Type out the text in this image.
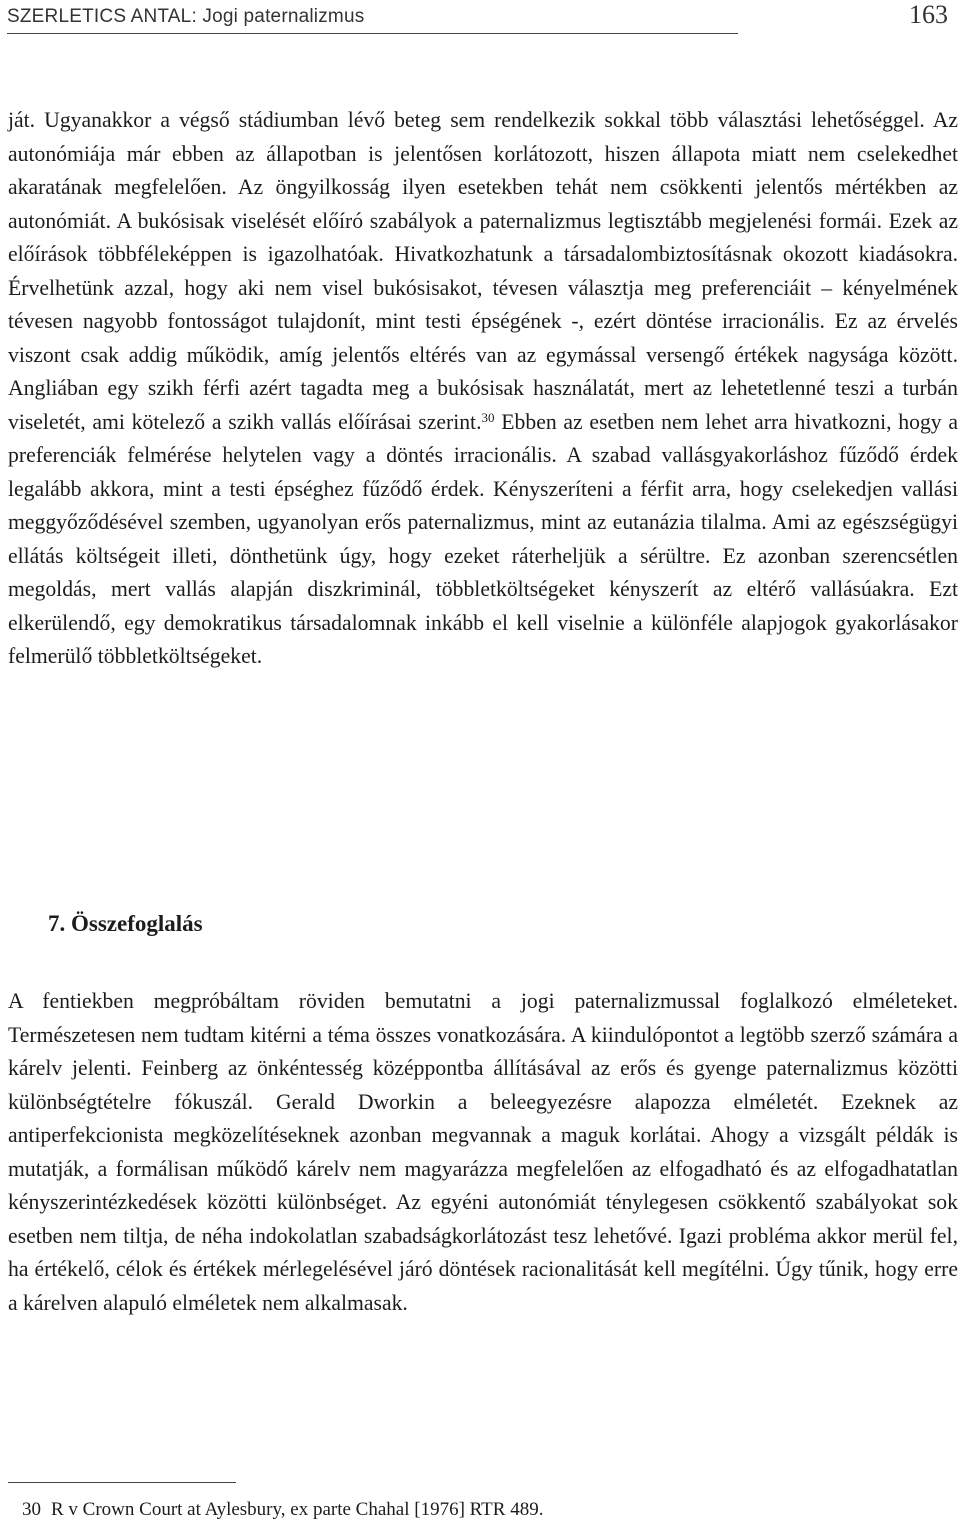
SZERLETICS ANTAL: Jogi paternalizmus	163

ját. Ugyanakkor a végső stádiumban lévő beteg sem rendelkezik sokkal több választási lehetőséggel. Az autonómiája már ebben az állapotban is jelentősen korlátozott, hiszen állapota miatt nem cselekedhet akaratának megfelelően. Az öngyilkosság ilyen esetekben tehát nem csökkenti jelentős mértékben az autonómiát. A bukósisak viselését előíró szabályok a paternalizmus legtisztább megjelenési formái. Ezek az előírások többféleképpen is igazolhatóak. Hivatkozhatunk a társadalombiztosításnak okozott kiadásokra. Érvelhetünk azzal, hogy aki nem visel bukósisakot, tévesen választja meg preferenciáit – kényelmének tévesen nagyobb fontosságot tulajdonít, mint testi épségének -, ezért döntése irracionális. Ez az érvelés viszont csak addig működik, amíg jelentős eltérés van az egymással versengő értékek nagysága között. Angliában egy szikh férfi azért tagadta meg a bukósisak használatát, mert az lehetetlenné teszi a turbán viseletét, ami kötelező a szikh vallás előírásai szerint.$^{30}$ Ebben az esetben nem lehet arra hivatkozni, hogy a preferenciák felmérése helytelen vagy a döntés irracionális. A szabad vallásgyakorláshoz fűződő érdek legalább akkora, mint a testi épséghez fűződő érdek. Kényszeríteni a férfit arra, hogy cselekedjen vallási meggyőződésével szemben, ugyanolyan erős paternalizmus, mint az eutanázia tilalma. Ami az egészségügyi ellátás költségeit illeti, dönthetünk úgy, hogy ezeket ráterheljük a sérültre. Ez azonban szerencsétlen megoldás, mert vallás alapján diszkriminál, többletköltségeket kényszerít az eltérő vallásúakra. Ezt elkerülendő, egy demokratikus társadalomnak inkább el kell viselnie a különféle alapjogok gyakorlásakor felmerülő többletköltségeket.

7. Összefoglalás

A fentiekben megpróbáltam röviden bemutatni a jogi paternalizmussal foglalkozó elméleteket. Természetesen nem tudtam kitérni a téma összes vonatkozására. A kiindulópontot a legtöbb szerző számára a kárelv jelenti. Feinberg az önkéntesség középpontba állításával az erős és gyenge paternalizmus közötti különbségtételre fókuszál. Gerald Dworkin a beleegyezésre alapozza elméletét. Ezeknek az antiperfekcionista megközelítéseknek azonban megvannak a maguk korlátai. Ahogy a vizsgált példák is mutatják, a formálisan működő kárelv nem magyarázza megfelelően az elfogadható és az elfogadhatatlan kényszerintézkedések közötti különbséget. Az egyéni autonómiát ténylegesen csökkentő szabályokat sok esetben nem tiltja, de néha indokolatlan szabadságkorlátozást tesz lehetővé. Igazi probléma akkor merül fel, ha értékelő, célok és értékek mérlegelésével járó döntések racionalitását kell megítélni. Úgy tűnik, hogy erre a kárelven alapuló elméletek nem alkalmasak.

30 R v Crown Court at Aylesbury, ex parte Chahal [1976] RTR 489.
